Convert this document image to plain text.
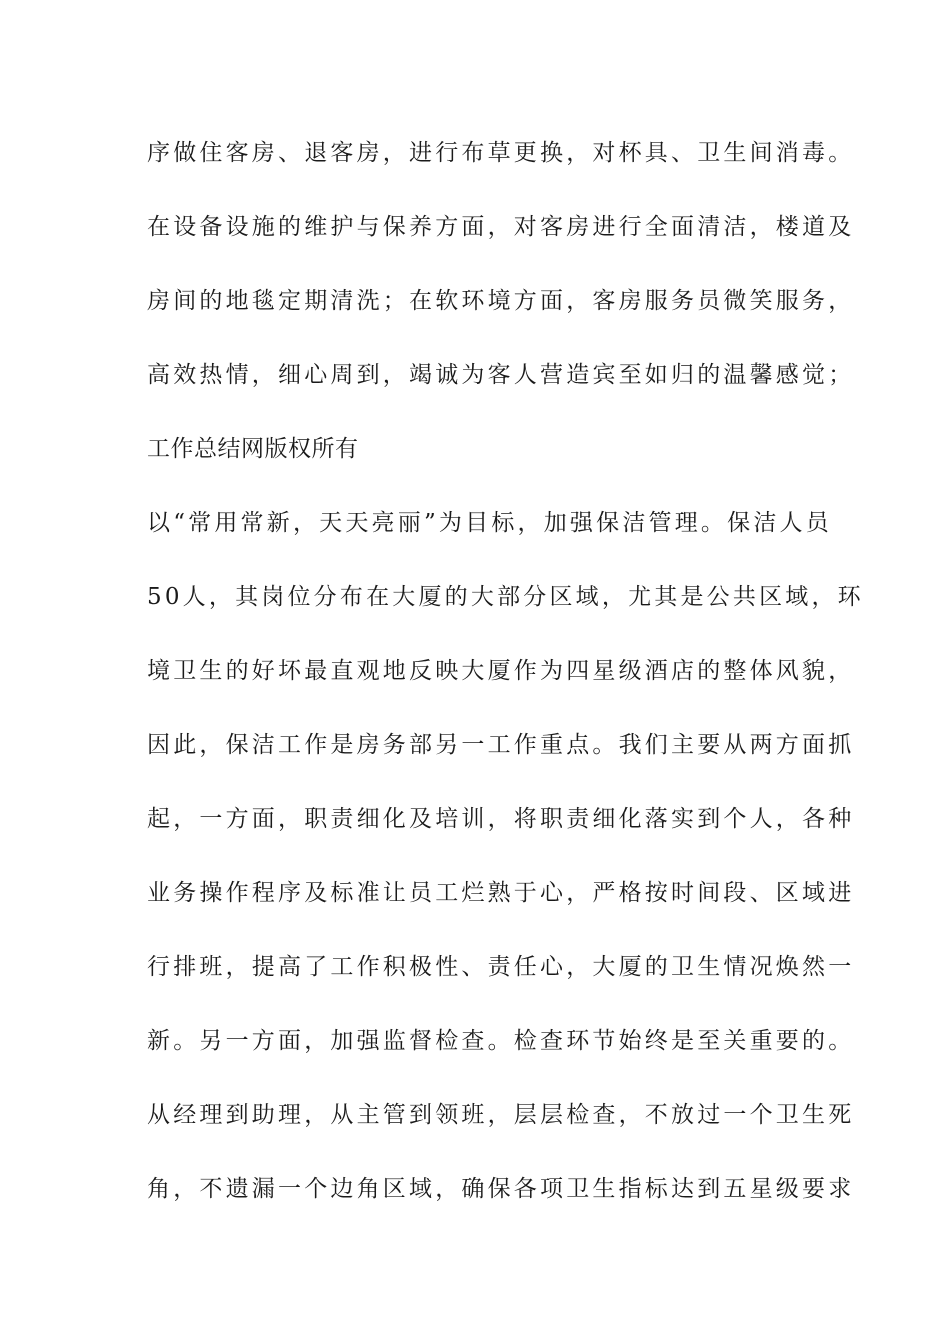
序做住客房、退客房，进行布草更换，对杯具、卫生间消毒。
在设备设施的维护与保养方面，对客房进行全面清洁，楼道及
房间的地毯定期清洗；在软环境方面，客房服务员微笑服务，
高效热情，细心周到，竭诚为客人营造宾至如归的温馨感觉；
工作总结网版权所有
以“常用常新，天天亮丽”为目标，加强保洁管理。保洁人员
50人，其岗位分布在大厦的大部分区域，尤其是公共区域，环
境卫生的好坏最直观地反映大厦作为四星级酒店的整体风貌，
因此，保洁工作是房务部另一工作重点。我们主要从两方面抓
起，一方面，职责细化及培训，将职责细化落实到个人，各种
业务操作程序及标准让员工烂熟于心，严格按时间段、区域进
行排班，提高了工作积极性、责任心，大厦的卫生情况焕然一
新。另一方面，加强监督检查。检查环节始终是至关重要的。
从经理到助理，从主管到领班，层层检查，不放过一个卫生死
角，不遗漏一个边角区域，确保各项卫生指标达到五星级要求
